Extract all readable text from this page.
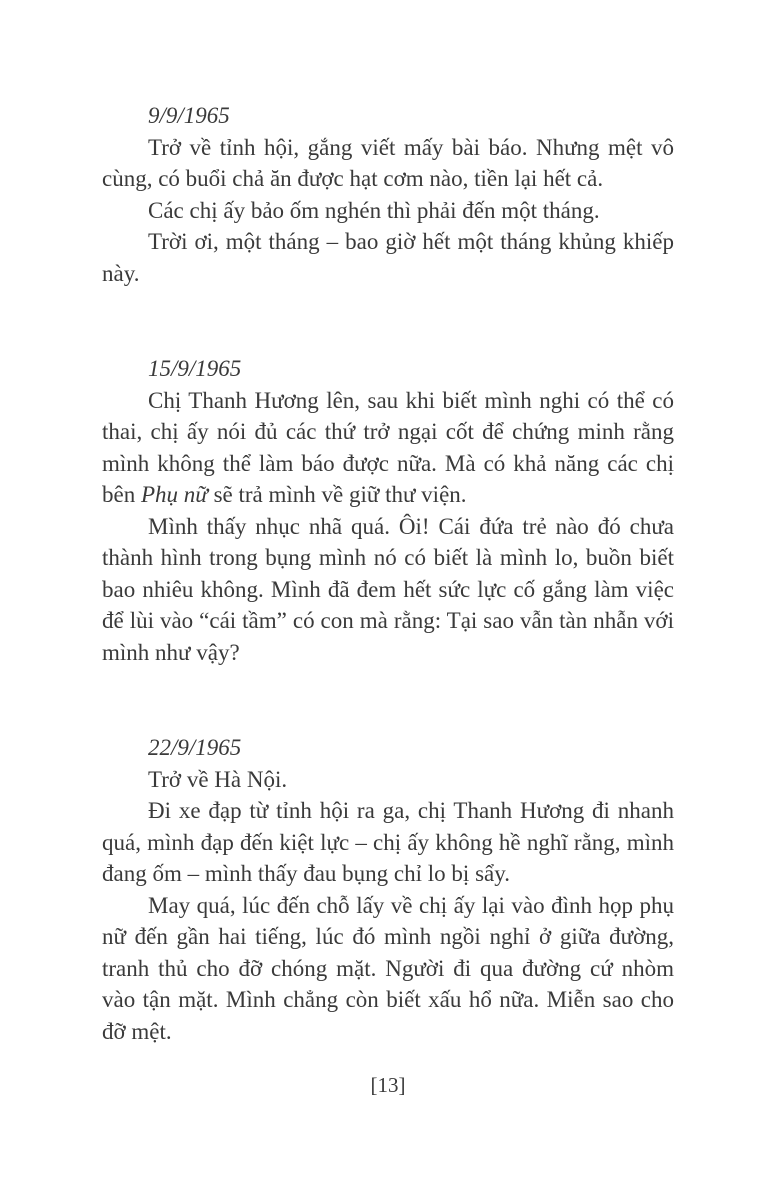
9/9/1965

Trở về tỉnh hội, gắng viết mấy bài báo. Nhưng mệt vô cùng, có buổi chả ăn được hạt cơm nào, tiền lại hết cả.

Các chị ấy bảo ốm nghén thì phải đến một tháng.

Trời ơi, một tháng – bao giờ hết một tháng khủng khiếp này.

15/9/1965

Chị Thanh Hương lên, sau khi biết mình nghi có thể có thai, chị ấy nói đủ các thứ trở ngại cốt để chứng minh rằng mình không thể làm báo được nữa. Mà có khả năng các chị bên Phụ nữ sẽ trả mình về giữ thư viện.

Mình thấy nhục nhã quá. Ôi! Cái đứa trẻ nào đó chưa thành hình trong bụng mình nó có biết là mình lo, buồn biết bao nhiêu không. Mình đã đem hết sức lực cố gắng làm việc để lùi vào “cái tầm” có con mà rằng: Tại sao vẫn tàn nhẫn với mình như vậy?

22/9/1965

Trở về Hà Nội.

Đi xe đạp từ tỉnh hội ra ga, chị Thanh Hương đi nhanh quá, mình đạp đến kiệt lực – chị ấy không hề nghĩ rằng, mình đang ốm – mình thấy đau bụng chỉ lo bị sẩy.

May quá, lúc đến chỗ lấy về chị ấy lại vào đình họp phụ nữ đến gần hai tiếng, lúc đó mình ngồi nghỉ ở giữa đường, tranh thủ cho đỡ chóng mặt. Người đi qua đường cứ nhòm vào tận mặt. Mình chẳng còn biết xấu hổ nữa. Miễn sao cho đỡ mệt.

[13]
